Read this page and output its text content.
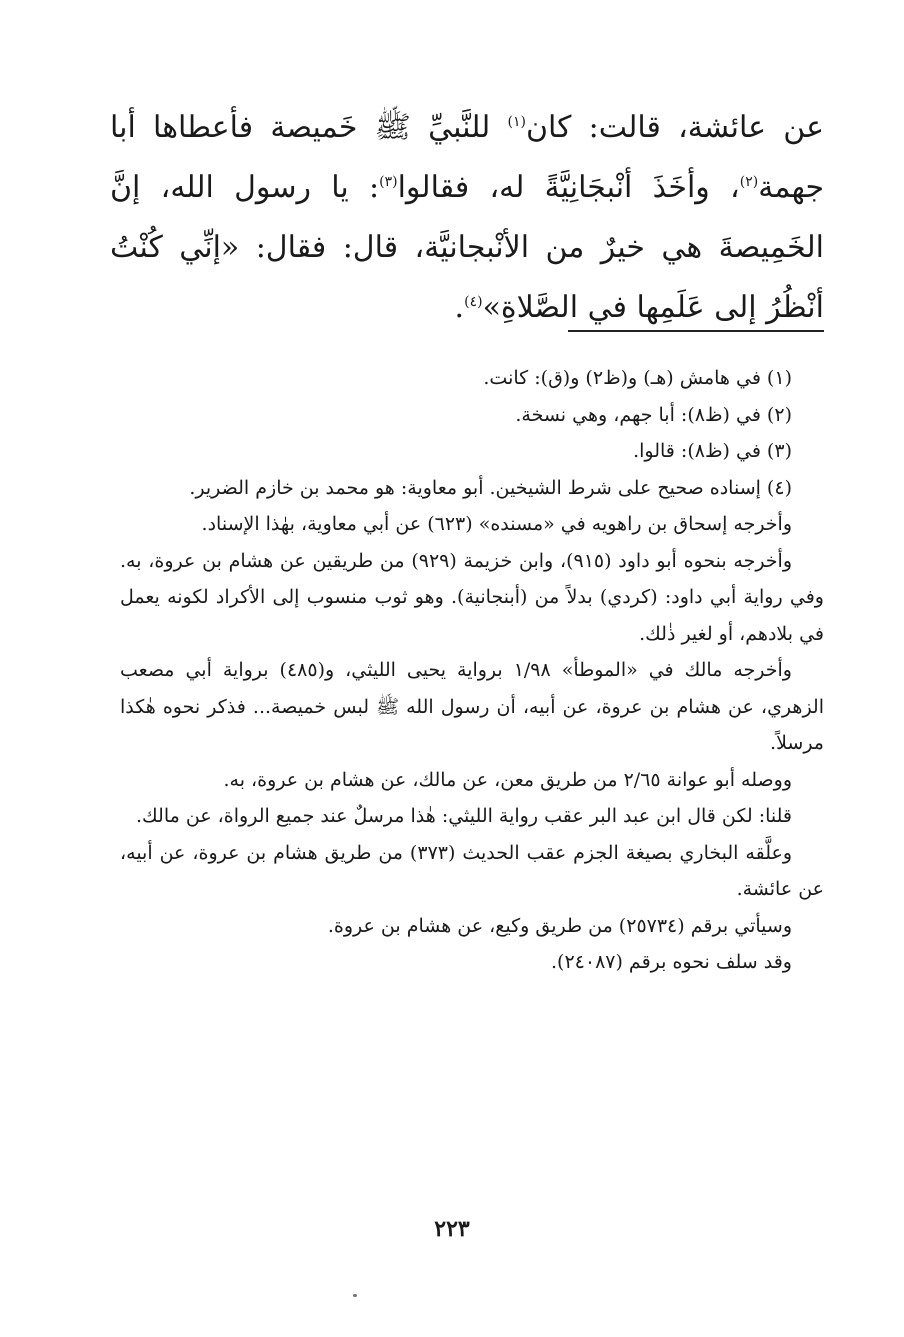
عن عائشة، قالت: كان$^{(١)}$ للنَّبيِّ ﷺ خَميصة فأعطاها أبا جهمة$^{(٢)}$، وأخَذَ أنْبجَانِيَّةً له، فقالوا$^{(٣)}$: يا رسول الله، إنَّ الخَمِيصةَ هي خيرٌ من الأنْبجانيَّة، قال: فقال: «إنِّي كُنْتُ أنْظُرُ إلى عَلَمِها في الصَّلاةِ»$^{(٤)}$.

(١) في هامش (هـ) و(ظ٢) و(ق): كانت.

(٢) في (ظ٨): أبا جهم، وهي نسخة.

(٣) في (ظ٨): قالوا.

(٤) إسناده صحيح على شرط الشيخين. أبو معاوية: هو محمد بن خازم الضرير.

وأخرجه إسحاق بن راهويه في «مسنده» (٦٢٣) عن أبي معاوية، بهٰذا الإسناد.

وأخرجه بنحوه أبو داود (٩١٥)، وابن خزيمة (٩٢٩) من طريقين عن هشام بن عروة، به. وفي رواية أبي داود: (كردي) بدلاً من (أبنجانية). وهو ثوب منسوب إلى الأكراد لكونه يعمل في بلادهم، أو لغير ذٰلك.

وأخرجه مالك في «الموطأ» ١/٩٨ برواية يحيى الليثي، و(٤٨٥) برواية أبي مصعب الزهري، عن هشام بن عروة، عن أبيه، أن رسول الله ﷺ لبس خميصة... فذكر نحوه هٰكذا مرسلاً.

ووصله أبو عوانة ٢/٦٥ من طريق معن، عن مالك، عن هشام بن عروة، به.

قلنا: لكن قال ابن عبد البر عقب رواية الليثي: هٰذا مرسلٌ عند جميع الرواة، عن مالك.

وعلَّقه البخاري بصيغة الجزم عقب الحديث (٣٧٣) من طريق هشام بن عروة، عن أبيه، عن عائشة.

وسيأتي برقم (٢٥٧٣٤) من طريق وكيع، عن هشام بن عروة.

وقد سلف نحوه برقم (٢٤٠٨٧).

٢٢٣
